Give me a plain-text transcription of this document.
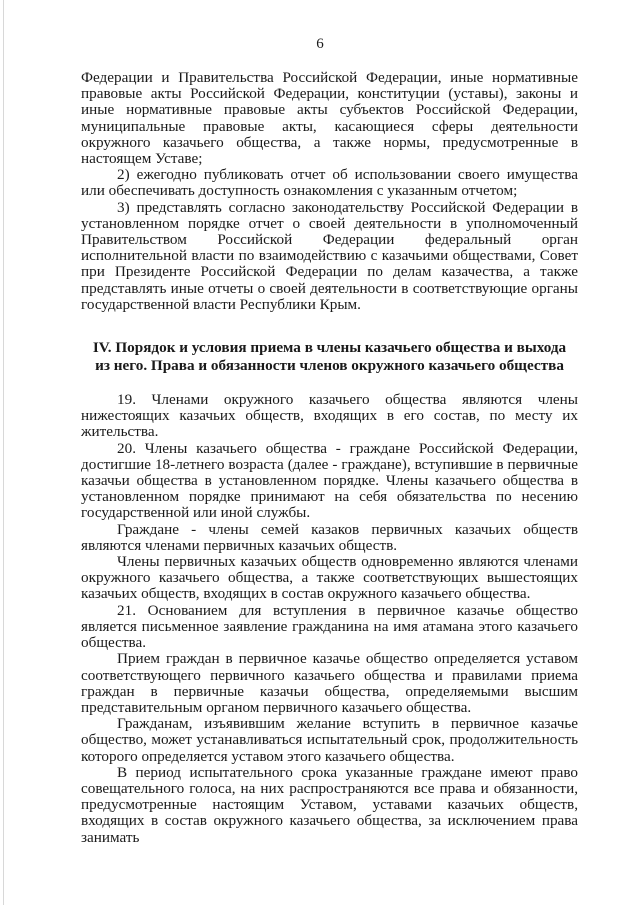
6

Федерации и Правительства Российской Федерации, иные нормативные правовые акты Российской Федерации, конституции (уставы), законы и иные нормативные правовые акты субъектов Российской Федерации, муниципальные правовые акты, касающиеся сферы деятельности окружного казачьего общества, а также нормы, предусмотренные в настоящем Уставе;

2) ежегодно публиковать отчет об использовании своего имущества или обеспечивать доступность ознакомления с указанным отчетом;

3) представлять согласно законодательству Российской Федерации в установленном порядке отчет о своей деятельности в уполномоченный Правительством Российской Федерации федеральный орган исполнительной власти по взаимодействию с казачьими обществами, Совет при Президенте Российской Федерации по делам казачества, а также представлять иные отчеты о своей деятельности в соответствующие органы государственной власти Республики Крым.

IV. Порядок и условия приема в члены казачьего общества и выхода из него. Права и обязанности членов окружного казачьего общества

19. Членами окружного казачьего общества являются члены нижестоящих казачьих обществ, входящих в его состав, по месту их жительства.

20. Члены казачьего общества - граждане Российской Федерации, достигшие 18-летнего возраста (далее - граждане), вступившие в первичные казачьи общества в установленном порядке. Члены казачьего общества в установленном порядке принимают на себя обязательства по несению государственной или иной службы.

Граждане - члены семей казаков первичных казачьих обществ являются членами первичных казачьих обществ.

Члены первичных казачьих обществ одновременно являются членами окружного казачьего общества, а также соответствующих вышестоящих казачьих обществ, входящих в состав окружного казачьего общества.

21. Основанием для вступления в первичное казачье общество является письменное заявление гражданина на имя атамана этого казачьего общества.

Прием граждан в первичное казачье общество определяется уставом соответствующего первичного казачьего общества и правилами приема граждан в первичные казачьи общества, определяемыми высшим представительным органом первичного казачьего общества.

Гражданам, изъявившим желание вступить в первичное казачье общество, может устанавливаться испытательный срок, продолжительность которого определяется уставом этого казачьего общества.

В период испытательного срока указанные граждане имеют право совещательного голоса, на них распространяются все права и обязанности, предусмотренные настоящим Уставом, уставами казачьих обществ, входящих в состав окружного казачьего общества, за исключением права занимать
